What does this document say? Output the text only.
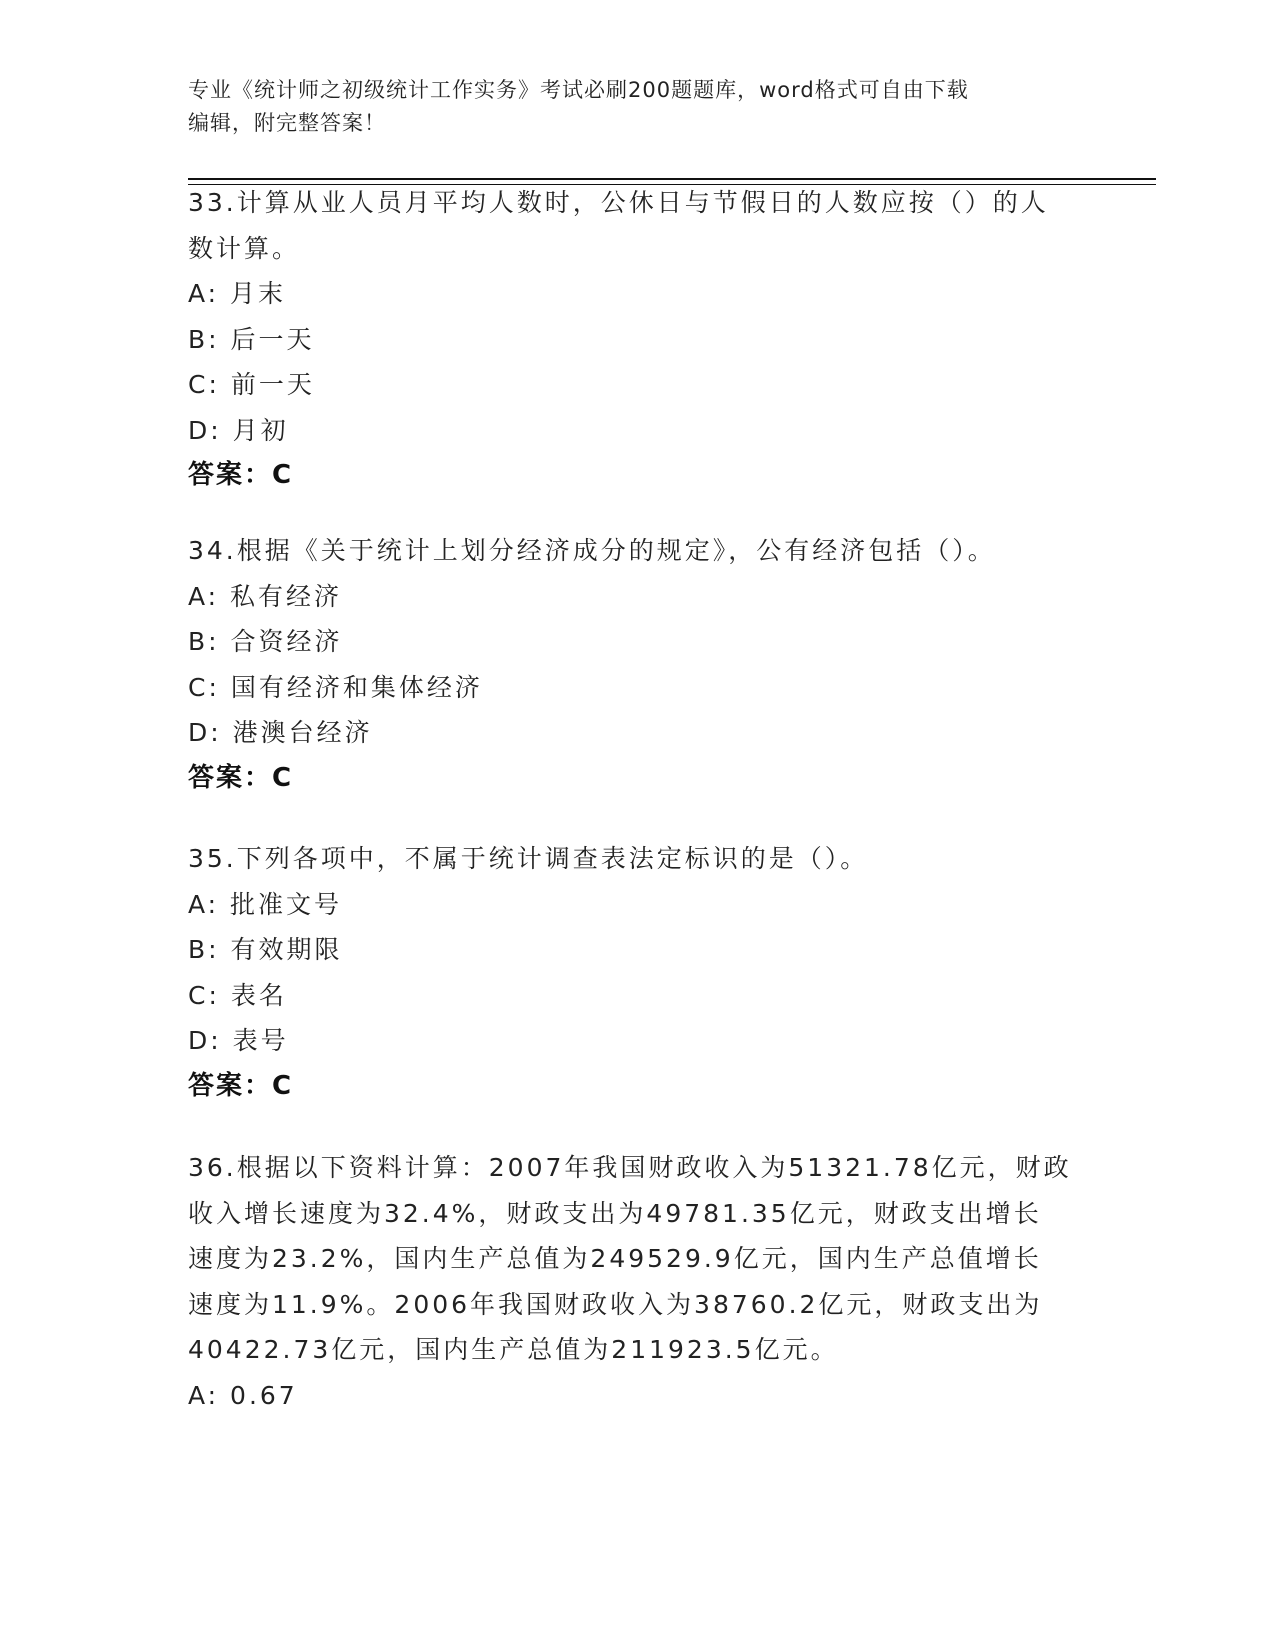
专业《统计师之初级统计工作实务》考试必刷200题题库，word格式可自由下载
编辑，附完整答案！
33.计算从业人员月平均人数时，公休日与节假日的人数应按（）的人
数计算。
A: 月末
B: 后一天
C: 前一天
D: 月初
答案：C
34.根据《关于统计上划分经济成分的规定》，公有经济包括（）。
A: 私有经济
B: 合资经济
C: 国有经济和集体经济
D: 港澳台经济
答案：C
35.下列各项中，不属于统计调查表法定标识的是（）。
A: 批准文号
B: 有效期限
C: 表名
D: 表号
答案：C
36.根据以下资料计算：2007年我国财政收入为51321.78亿元，财政
收入增长速度为32.4%，财政支出为49781.35亿元，财政支出增长
速度为23.2%，国内生产总值为249529.9亿元，国内生产总值增长
速度为11.9%。2006年我国财政收入为38760.2亿元，财政支出为
40422.73亿元，国内生产总值为211923.5亿元。
A: 0.67
